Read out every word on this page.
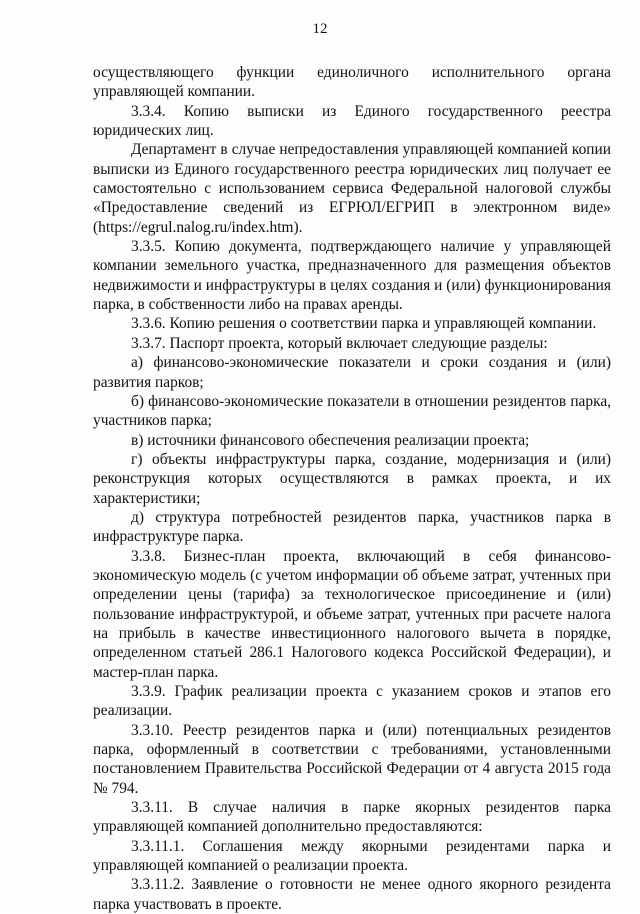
12

осуществляющего функции единоличного исполнительного органа управляющей компании.

3.3.4. Копию выписки из Единого государственного реестра юридических лиц.

Департамент в случае непредоставления управляющей компанией копии выписки из Единого государственного реестра юридических лиц получает ее самостоятельно с использованием сервиса Федеральной налоговой службы «Предоставление сведений из ЕГРЮЛ/ЕГРИП в электронном виде» (https://egrul.nalog.ru/index.htm).

3.3.5. Копию документа, подтверждающего наличие у управляющей компании земельного участка, предназначенного для размещения объектов недвижимости и инфраструктуры в целях создания и (или) функционирования парка, в собственности либо на правах аренды.

3.3.6. Копию решения о соответствии парка и управляющей компании.

3.3.7. Паспорт проекта, который включает следующие разделы:

а) финансово-экономические показатели и сроки создания и (или) развития парков;

б) финансово-экономические показатели в отношении резидентов парка, участников парка;

в) источники финансового обеспечения реализации проекта;

г) объекты инфраструктуры парка, создание, модернизация и (или) реконструкция которых осуществляются в рамках проекта, и их характеристики;

д) структура потребностей резидентов парка, участников парка в инфраструктуре парка.

3.3.8. Бизнес-план проекта, включающий в себя финансово-экономическую модель (с учетом информации об объеме затрат, учтенных при определении цены (тарифа) за технологическое присоединение и (или) пользование инфраструктурой, и объеме затрат, учтенных при расчете налога на прибыль в качестве инвестиционного налогового вычета в порядке, определенном статьей 286.1 Налогового кодекса Российской Федерации), и мастер-план парка.

3.3.9. График реализации проекта с указанием сроков и этапов его реализации.

3.3.10. Реестр резидентов парка и (или) потенциальных резидентов парка, оформленный в соответствии с требованиями, установленными постановлением Правительства Российской Федерации от 4 августа 2015 года № 794.

3.3.11. В случае наличия в парке якорных резидентов парка управляющей компанией дополнительно предоставляются:

3.3.11.1. Соглашения между якорными резидентами парка и управляющей компанией о реализации проекта.

3.3.11.2. Заявление о готовности не менее одного якорного резидента парка участвовать в проекте.
